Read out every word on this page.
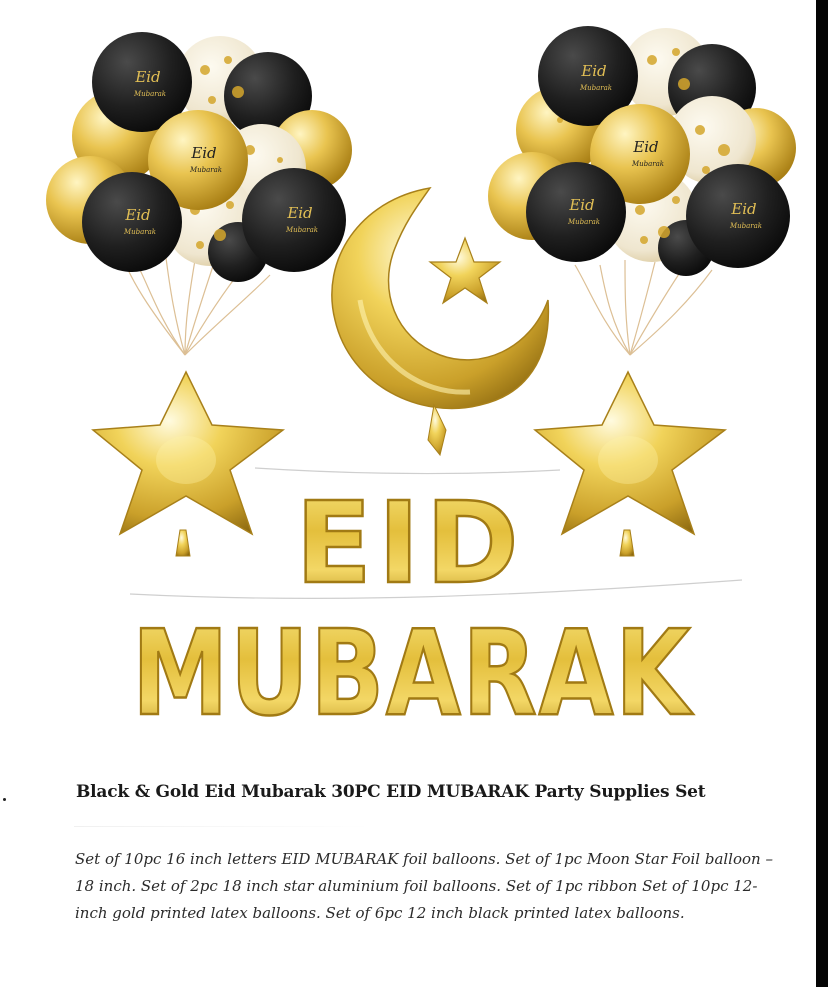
Eid
Mubarak
Eid
Mubarak
Eid
Mubarak
Eid
Mubarak
Eid
Mubarak
Eid
Mubarak
Eid
Mubarak
Eid
Mubarak
EID
MUBARAK
Black & Gold Eid Mubarak 30PC EID MUBARAK Party Supplies Set
Set of 10pc 16 inch letters EID MUBARAK foil balloons. Set of 1pc Moon Star Foil balloon – 18 inch. Set of 2pc 18 inch star aluminium foil balloons. Set of 1pc ribbon Set of 10pc 12-inch gold printed latex balloons. Set of 6pc 12 inch black printed latex balloons.
